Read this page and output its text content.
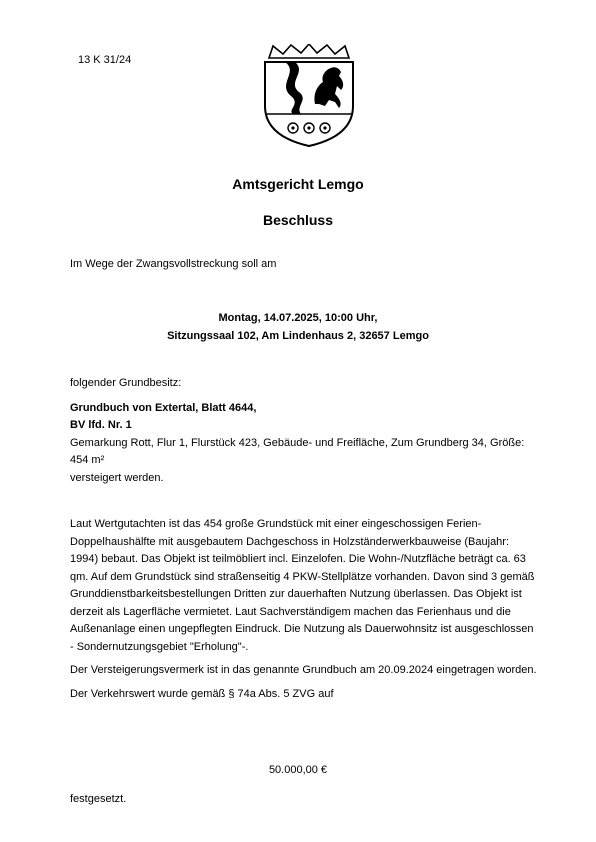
13 K 31/24
Amtsgericht Lemgo
Beschluss
Im Wege der Zwangsvollstreckung soll am
Montag, 14.07.2025, 10:00 Uhr,
Sitzungssaal 102, Am Lindenhaus 2, 32657 Lemgo

folgender Grundbesitz:

Grundbuch von Extertal, Blatt 4644,

BV lfd. Nr. 1

Gemarkung Rott, Flur 1, Flurstück 423, Gebäude- und Freifläche, Zum Grundberg 34, Größe: 454 m²

versteigert werden.

Laut Wertgutachten ist das 454 große Grundstück mit einer eingeschossigen Ferien-Doppelhaushälfte mit ausgebautem Dachgeschoss in Holzständerwerkbauweise (Baujahr: 1994) bebaut. Das Objekt ist teilmöbliert incl. Einzelofen. Die Wohn-/Nutzfläche beträgt ca. 63 qm. Auf dem Grundstück sind straßenseitig 4 PKW-Stellplätze vorhanden. Davon sind 3 gemäß Grunddienstbarkeitsbestellungen Dritten zur dauerhaften Nutzung überlassen. Das Objekt ist derzeit als Lagerfläche vermietet. Laut Sachverständigem machen das Ferienhaus und die Außenanlage einen ungepflegten Eindruck. Die Nutzung als Dauerwohnsitz ist ausgeschlossen - Sondernutzungsgebiet "Erholung"-.

Der Versteigerungsvermerk ist in das genannte Grundbuch am 20.09.2024 eingetragen worden.

Der Verkehrswert wurde gemäß § 74a Abs. 5 ZVG auf

50.000,00 €
festgesetzt.
